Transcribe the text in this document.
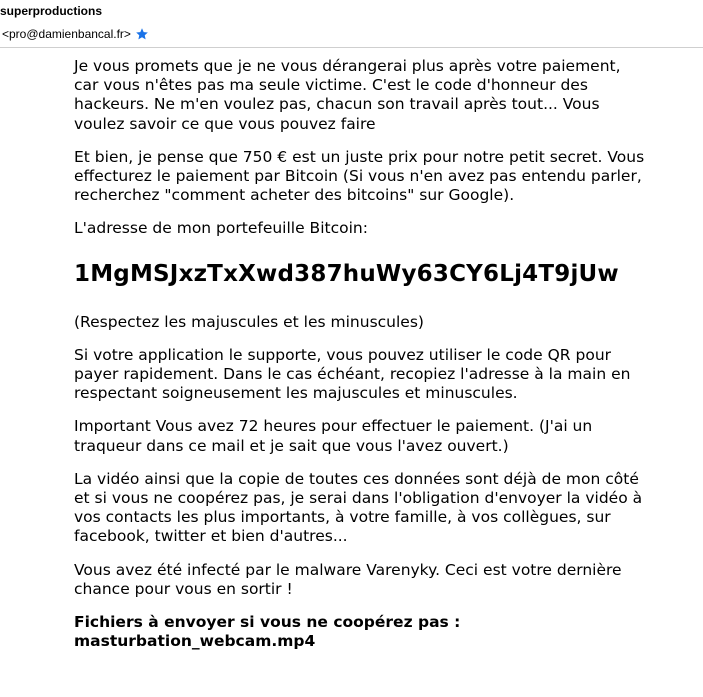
superproductions
<pro@damienbancal.fr>

Je vous promets que je ne vous dérangerai plus après votre paiement, car vous n'êtes pas ma seule victime. C'est le code d'honneur des hackeurs. Ne m'en voulez pas, chacun son travail après tout... Vous voulez savoir ce que vous pouvez faire

Et bien, je pense que 750 € est un juste prix pour notre petit secret. Vous effecturez le paiement par Bitcoin (Si vous n'en avez pas entendu parler, recherchez "comment acheter des bitcoins" sur Google).

L'adresse de mon portefeuille Bitcoin:

1MgMSJxzTxXwd387huWy63CY6Lj4T9jUw

(Respectez les majuscules et les minuscules)

Si votre application le supporte, vous pouvez utiliser le code QR pour payer rapidement. Dans le cas échéant, recopiez l'adresse à la main en respectant soigneusement les majuscules et minuscules.

Important Vous avez 72 heures pour effectuer le paiement. (J'ai un traqueur dans ce mail et je sait que vous l'avez ouvert.)

La vidéo ainsi que la copie de toutes ces données sont déjà de mon côté et si vous ne coopérez pas, je serai dans l'obligation d'envoyer la vidéo à vos contacts les plus importants, à votre famille, à vos collègues, sur facebook, twitter et bien d'autres...

Vous avez été infecté par le malware Varenyky. Ceci est votre dernière chance pour vous en sortir !

Fichiers à envoyer si vous ne coopérez pas :
masturbation_webcam.mp4
